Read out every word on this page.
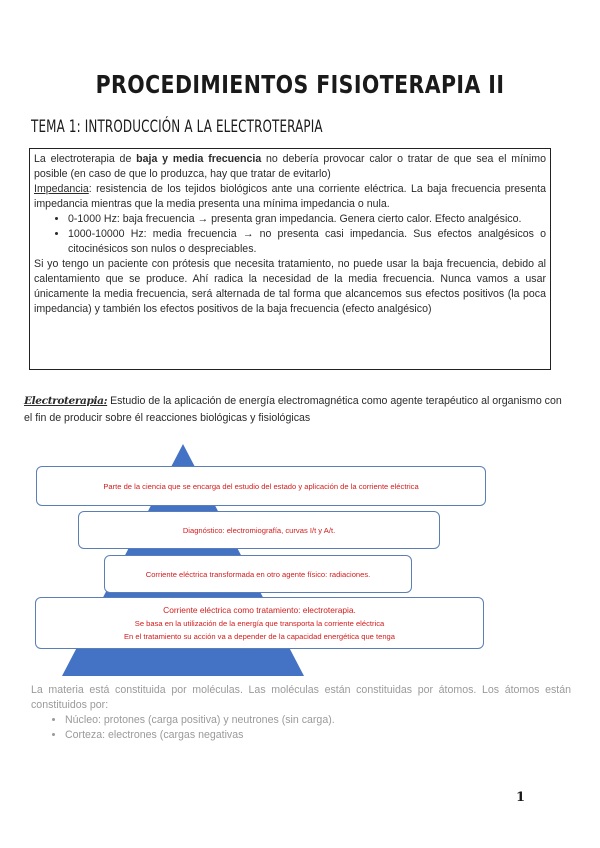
PROCEDIMIENTOS FISIOTERAPIA II
TEMA 1: INTRODUCCIÓN A LA ELECTROTERAPIA

La electroterapia de baja y media frecuencia no debería provocar calor o tratar de que sea el mínimo posible (en caso de que lo produzca, hay que tratar de evitarlo)

Impedancia: resistencia de los tejidos biológicos ante una corriente eléctrica. La baja frecuencia presenta impedancia mientras que la media presenta una mínima impedancia o nula.

• 0-1000 Hz: baja frecuencia → presenta gran impedancia. Genera cierto calor. Efecto analgésico.
• 1000-10000 Hz: media frecuencia → no presenta casi impedancia. Sus efectos analgésicos o citocinésicos son nulos o despreciables.

Si yo tengo un paciente con prótesis que necesita tratamiento, no puede usar la baja frecuencia, debido al calentamiento que se produce. Ahí radica la necesidad de la media frecuencia. Nunca vamos a usar únicamente la media frecuencia, será alternada de tal forma que alcancemos sus efectos positivos (la poca impedancia) y también los efectos positivos de la baja frecuencia (efecto analgésico)

Electroterapia: Estudio de la aplicación de energía electromagnética como agente terapéutico al organismo con el fin de producir sobre él reacciones biológicas y fisiológicas
Parte de la ciencia que se encarga del estudio del estado y aplicación de la corriente eléctrica
Diagnóstico: electromiografía, curvas I/t y A/t.
Corriente eléctrica transformada en otro agente físico: radiaciones.
Corriente eléctrica como tratamiento: electroterapia.
Se basa en la utilización de la energía que transporta la corriente eléctrica
En el tratamiento su acción va a depender de la capacidad energética que tenga
La materia está constituida por moléculas. Las moléculas están constituidas por átomos. Los átomos están constituidos por:
• Núcleo: protones (carga positiva) y neutrones (sin carga).
• Corteza: electrones (cargas negativas
1
